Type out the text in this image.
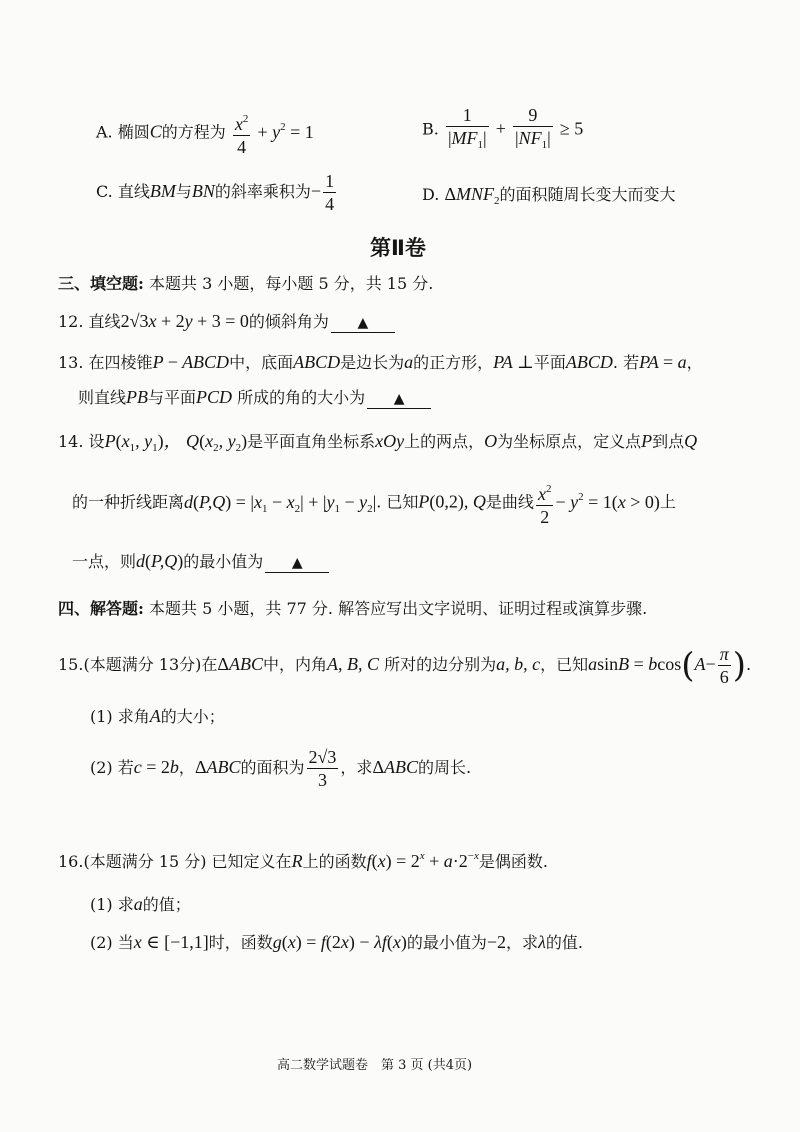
A. 椭圆C的方程为 $\frac{x^2}{4} + y^2 = 1$	B. $\frac{1}{|MF_1|} + \frac{9}{|NF_1|} \ge 5$
C. 直线BM与BN的斜率乘积为− $\frac{1}{4}$	D. $\Delta MNF_2$的面积随周长变大而变大
第Ⅱ卷
三、填空题: 本题共 3 小题，每小题 5 分，共 15 分.
12. 直线2√3x + 2y + 3 = 0的倾斜角为 ▲
13. 在四棱锥P − ABCD中，底面ABCD是边长为a的正方形，PA ⊥平面ABCD. 若PA = a，
则直线PB与平面PCD 所成的角的大小为 ▲
14. 设$P(x_1$, $y_1$)， $Q(x_2$, $y_2$)是平面直角坐标系xOy上的两点，O为坐标原点，定义点P到点Q
的一种折线距离$d(P,Q) = |x_1 - x_2| + |y_1 - y_2|$. 已知P(0,2), Q是曲线 $\frac{x^2}{2} - y^2 = 1(x > 0)$上
一点，则d(P,Q)的最小值为 ▲
四、解答题: 本题共 5 小题，共 77 分. 解答应写出文字说明、证明过程或演算步骤.
15.(本题满分 13分)在ΔABC中，内角A, B, C 所对的边分别为a, b, c，已知$asinB = bcos(A- \frac{\pi}{6}$ ).
(1) 求角A的大小；
(2) 若c = 2b，ΔABC的面积为 $\frac{2√3}{3}$ ，求ΔABC的周长.
16.(本题满分 15 分) 已知定义在R上的函数$f(x) = 2^x + a\cdot 2^{-x}$是偶函数.
(1) 求a的值；
(2) 当x ∈ [−1,1]时，函数g(x) = f(2x) − λf(x)的最小值为−2，求λ的值.
高二数学试题卷　第 3 页 (共4页)
